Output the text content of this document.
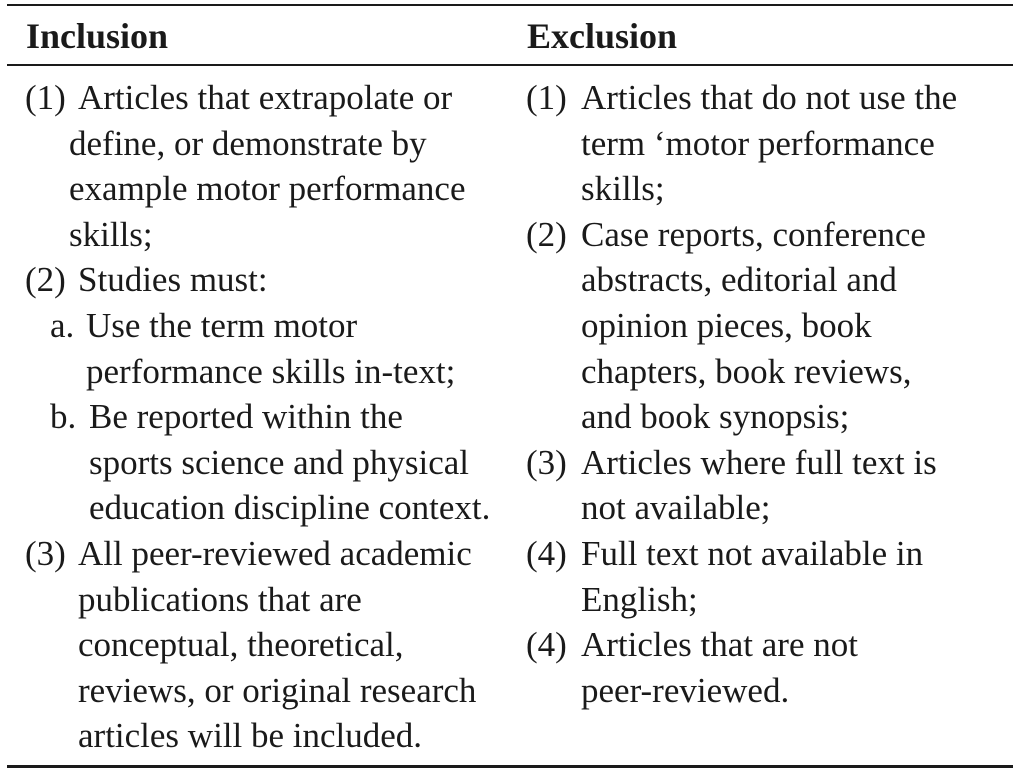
Inclusion	Exclusion
(1) Articles that extrapolate or
define, or demonstrate by
example motor performance
skills;
(2) Studies must:
a. Use the term motor
performance skills in-text;
b. Be reported within the
sports science and physical
education discipline context.
(3) All peer-reviewed academic
publications that are
conceptual, theoretical,
reviews, or original research
articles will be included.
(1) Articles that do not use the
term ‘motor performance
skills;
(2) Case reports, conference
abstracts, editorial and
opinion pieces, book
chapters, book reviews,
and book synopsis;
(3) Articles where full text is
not available;
(4) Full text not available in
English;
(4) Articles that are not
peer-reviewed.
